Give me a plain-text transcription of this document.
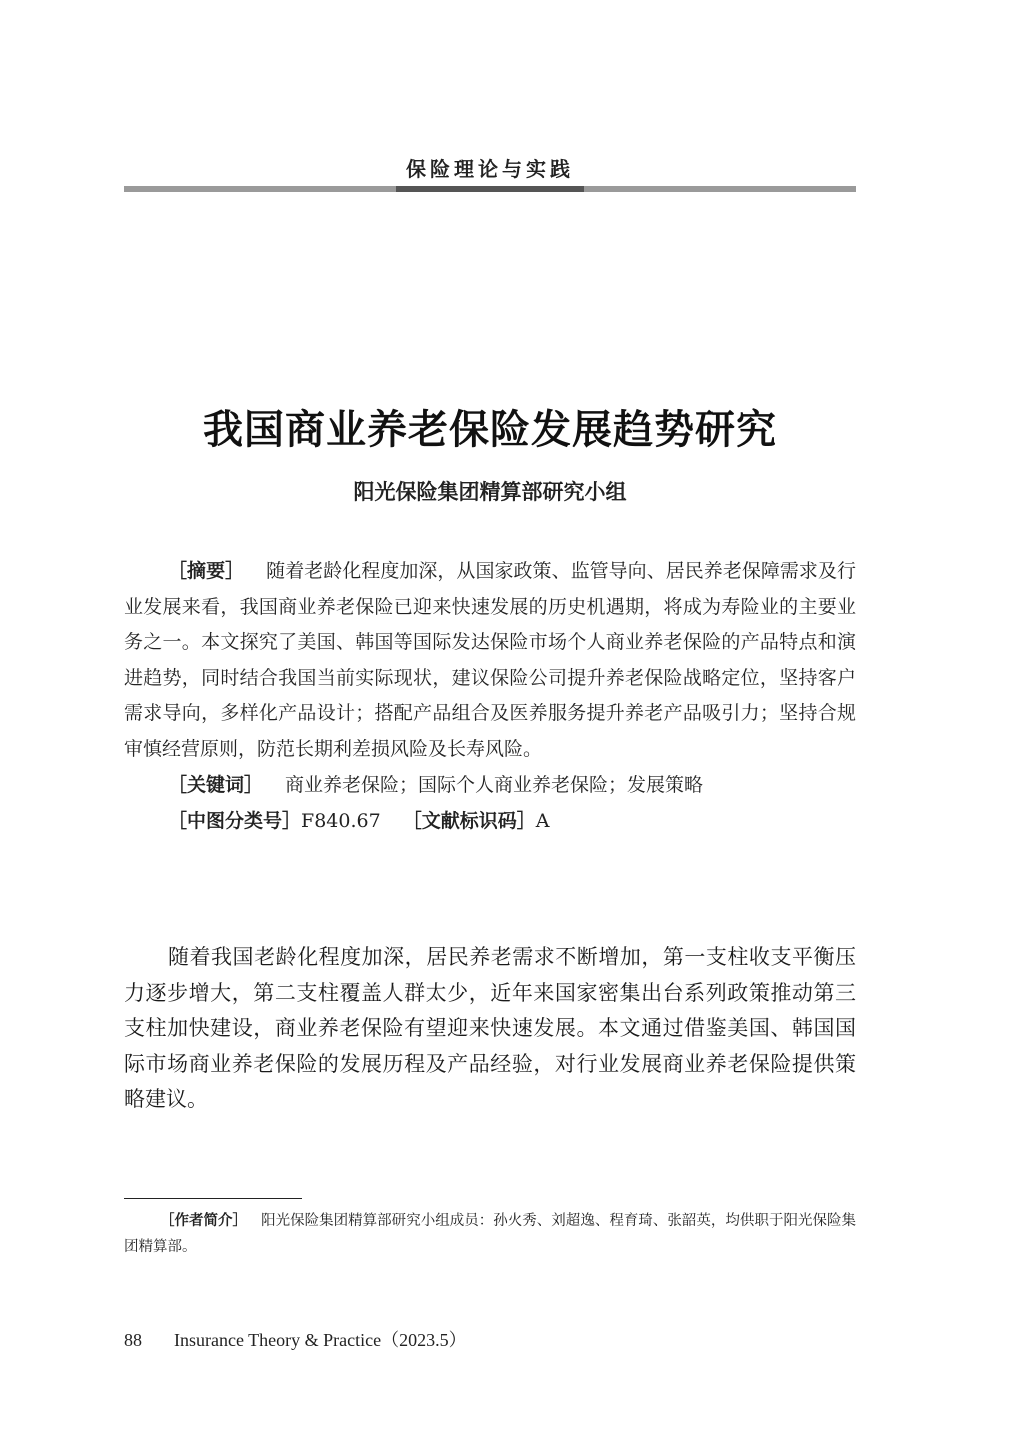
保险理论与实践
我国商业养老保险发展趋势研究
阳光保险集团精算部研究小组

［摘要］ 随着老龄化程度加深，从国家政策、监管导向、居民养老保障需求及行业发展来看，我国商业养老保险已迎来快速发展的历史机遇期，将成为寿险业的主要业务之一。本文探究了美国、韩国等国际发达保险市场个人商业养老保险的产品特点和演进趋势，同时结合我国当前实际现状，建议保险公司提升养老保险战略定位，坚持客户需求导向，多样化产品设计；搭配产品组合及医养服务提升养老产品吸引力；坚持合规审慎经营原则，防范长期利差损风险及长寿风险。

［关键词］ 商业养老保险；国际个人商业养老保险；发展策略

［中图分类号］F840.67 ［文献标识码］A

随着我国老龄化程度加深，居民养老需求不断增加，第一支柱收支平衡压力逐步增大，第二支柱覆盖人群太少，近年来国家密集出台系列政策推动第三支柱加快建设，商业养老保险有望迎来快速发展。本文通过借鉴美国、韩国国际市场商业养老保险的发展历程及产品经验，对行业发展商业养老保险提供策略建议。

［作者简介］ 阳光保险集团精算部研究小组成员：孙火秀、刘超逸、程育琦、张韶英，均供职于阳光保险集团精算部。

88 Insurance Theory & Practice（2023.5）
